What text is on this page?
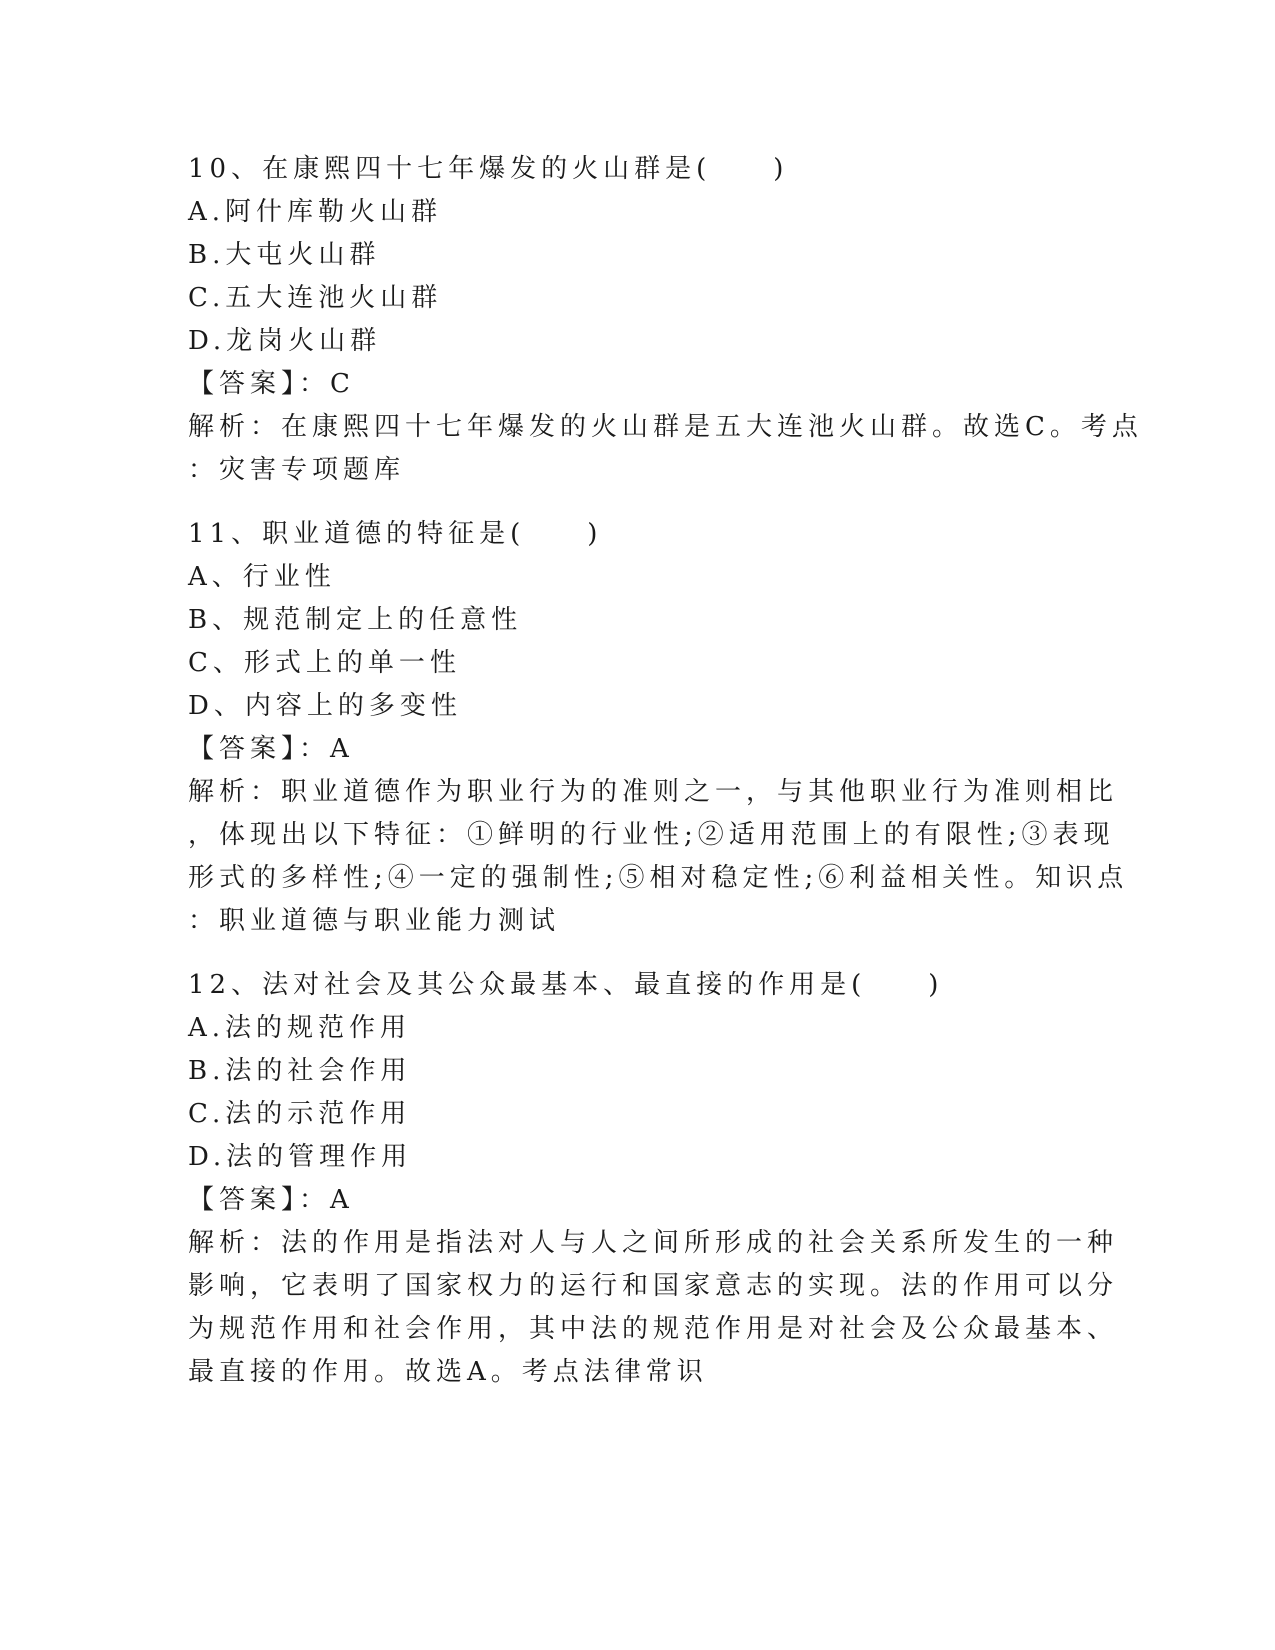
10、在康熙四十七年爆发的火山群是(　　)
A.阿什库勒火山群
B.大屯火山群
C.五大连池火山群
D.龙岗火山群
【答案】：C
解析：在康熙四十七年爆发的火山群是五大连池火山群。故选C。考点
：灾害专项题库
11、职业道德的特征是(　　)
A、行业性
B、规范制定上的任意性
C、形式上的单一性
D、内容上的多变性
【答案】：A
解析：职业道德作为职业行为的准则之一，与其他职业行为准则相比
，体现出以下特征：①鲜明的行业性;②适用范围上的有限性;③表现
形式的多样性;④一定的强制性;⑤相对稳定性;⑥利益相关性。知识点
：职业道德与职业能力测试
12、法对社会及其公众最基本、最直接的作用是(　　)
A.法的规范作用
B.法的社会作用
C.法的示范作用
D.法的管理作用
【答案】：A
解析：法的作用是指法对人与人之间所形成的社会关系所发生的一种
影响，它表明了国家权力的运行和国家意志的实现。法的作用可以分
为规范作用和社会作用，其中法的规范作用是对社会及公众最基本、
最直接的作用。故选A。考点法律常识
